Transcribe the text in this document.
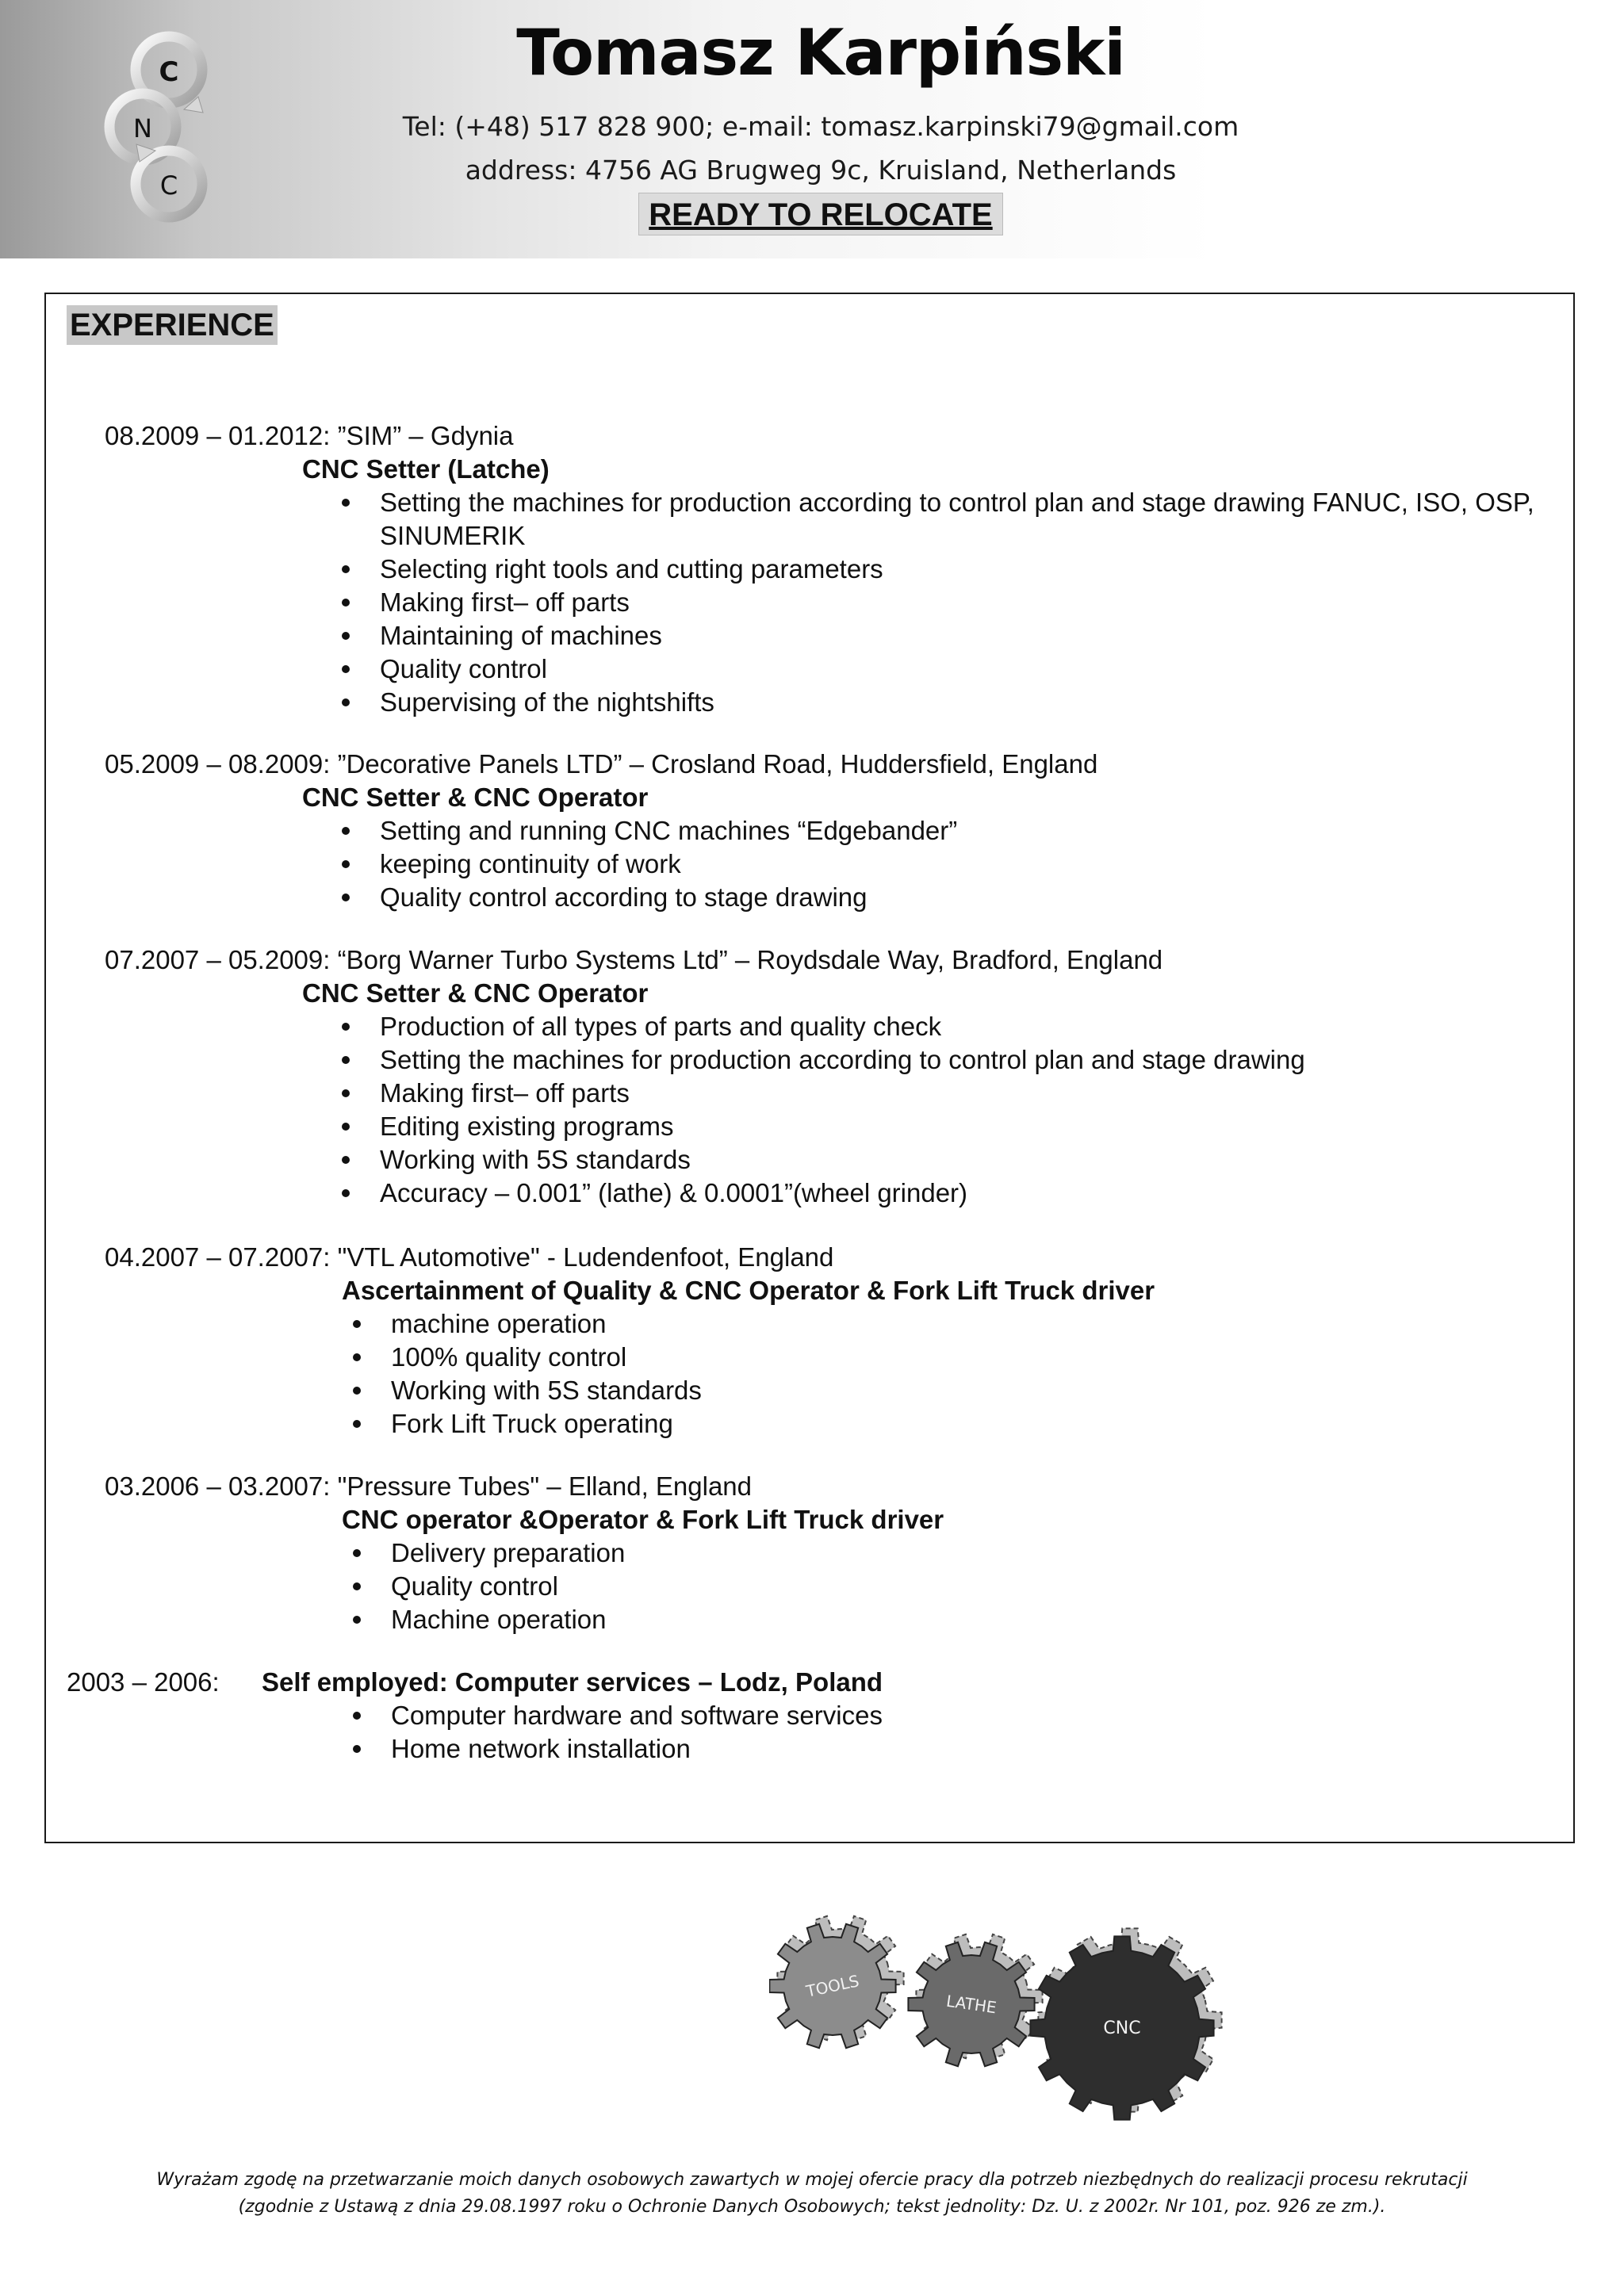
C
N
C
Tomasz Karpiński
Tel: (+48) 517 828 900; e-mail: tomasz.karpinski79@gmail.com
address: 4756 AG Brugweg 9c, Kruisland, Netherlands
READY TO RELOCATE
EXPERIENCE
08.2009 – 01.2012: ”SIM” – Gdynia
CNC Setter (Latche)
Setting the machines for production according to control plan and stage drawing FANUC, ISO, OSP, SINUMERIK
Selecting right tools and cutting parameters
Making first– off parts
Maintaining of machines
Quality control
Supervising of the nightshifts
05.2009 – 08.2009: ”Decorative Panels LTD” – Crosland Road, Huddersfield, England
CNC Setter & CNC Operator
Setting and running CNC machines “Edgebander”
keeping continuity of work
Quality control according to stage drawing
07.2007 – 05.2009: “Borg Warner Turbo Systems Ltd” – Roydsdale Way, Bradford, England
CNC Setter & CNC Operator
Production of all types of parts and quality check
Setting the machines for production according to control plan and stage drawing
Making first– off parts
Editing existing programs
Working with 5S standards
Accuracy – 0.001” (lathe) & 0.0001”(wheel grinder)
04.2007 – 07.2007: "VTL Automotive" - Ludendenfoot, England
Ascertainment of Quality & CNC Operator & Fork Lift Truck driver
machine operation
100% quality control
Working with 5S standards
Fork Lift Truck operating
03.2006 – 03.2007: "Pressure Tubes" – Elland, England
CNC operator &Operator & Fork Lift Truck driver
Delivery preparation
Quality control
Machine operation
2003 – 2006: Self employed: Computer services – Lodz, Poland
Computer hardware and software services
Home network installation
TOOLS
LATHE
CNC
Wyrażam zgodę na przetwarzanie moich danych osobowych zawartych w mojej ofercie pracy dla potrzeb niezbędnych do realizacji procesu rekrutacji
(zgodnie z Ustawą z dnia 29.08.1997 roku o Ochronie Danych Osobowych; tekst jednolity: Dz. U. z 2002r. Nr 101, poz. 926 ze zm.).
